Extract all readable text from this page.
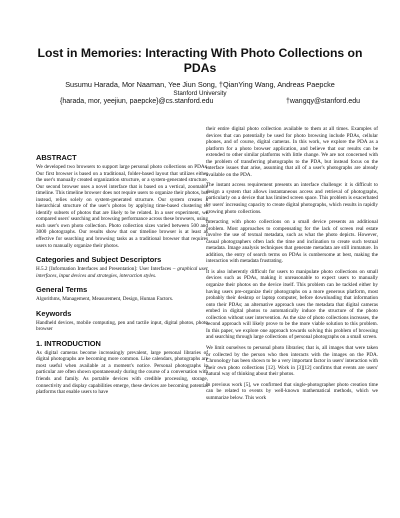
Lost in Memories: Interacting With Photo Collections on
PDAs
Susumu Harada, Mor Naaman, Yee Jiun Song, †QianYing Wang, Andreas Paepcke
Stanford University
{harada, mor, yeejiun, paepcke}@cs.stanford.edu	†wangqy@stanford.edu
ABSTRACT

We developed two browsers to support large personal photo collections on PDAs. Our first browser is based on a traditional, folder-based layout that utilizes either the user's manually created organization structure, or a system-generated structure. Our second browser uses a novel interface that is based on a vertical, zoomable timeline. This timeline browser does not require users to organize their photos, but instead, relies solely on system-generated structure. Our system creates a hierarchical structure of the user's photos by applying time-based clustering to identify subsets of photos that are likely to be related. In a user experiment, we compared users' searching and browsing performance across these browsers, using each user's own photo collection. Photo collection sizes varied between 500 and 3000 photographs. Our results show that our timeline browser is at least as effective for searching and browsing tasks as a traditional browser that requires users to manually organize their photos.

Categories and Subject Descriptors

H.5.2 [Information Interfaces and Presentation]: User Interfaces – graphical user interfaces, input devices and strategies, interaction styles.

General Terms

Algorithms, Management, Measurement, Design, Human Factors.

Keywords

Handheld devices, mobile computing, pen and tactile input, digital photos, photo browser

1. INTRODUCTION

As digital cameras become increasingly prevalent, large personal libraries of digital photographs are becoming more common. Like calendars, photographs are most useful when available at a moment's notice. Personal photographs in particular are often shown spontaneously during the course of a conversation with friends and family. As portable devices with credible processing, storage, connectivity and display capabilities emerge, these devices are becoming potential platforms that enable users to have

their entire digital photo collection available to them at all times. Examples of devices that can potentially be used for photo browsing include PDAs, cellular phones, and of course, digital cameras. In this work, we explore the PDA as a platform for a photo browser application, and believe that our results can be extended to other similar platforms with little change. We are not concerned with the problem of transferring photographs to the PDA, but instead focus on the interface issues that arise, assuming that all of a user's photographs are already available on the PDA.

The instant access requirement presents an interface challenge: it is difficult to design a system that allows instantaneous access and retrieval of photographs, particularly on a device that has limited screen space. This problem is exacerbated by users' increasing capacity to create digital photographs, which results in rapidly growing photo collections.

Interacting with photo collections on a small device presents an additional problem. Most approaches to compensating for the lack of screen real estate involve the use of textual metadata, such as what the photo depicts. However, casual photographers often lack the time and inclination to create such textual metadata. Image analysis techniques that generate metadata are still immature. In addition, the entry of search terms on PDAs is cumbersome at best, making the interaction with metadata frustrating.

It is also inherently difficult for users to manipulate photo collections on small devices such as PDAs, making it unreasonable to expect users to manually organize their photos on the device itself. This problem can be tackled either by having users pre-organize their photographs on a more generous platform, most probably their desktop or laptop computer, before downloading that information onto their PDAs; an alternative approach uses the metadata that digital cameras embed in digital photos to automatically induce the structure of the photo collection without user intervention. As the size of photo collections increases, the second approach will likely prove to be the more viable solution to this problem. In this paper, we explore one approach towards solving this problem of browsing and searching through large collections of personal photographs on a small screen.

We limit ourselves to personal photo libraries; that is, all images that were taken or collected by the person who then interacts with the images on the PDA. Chronology has been shown to be a very important factor in users' interaction with their own photo collections [12]. Work in [3][12] confirms that events are users' natural way of thinking about their photos.

In previous work [5], we confirmed that single-photographer photo creation time can be related to events by well-known mathematical methods, which we summarize below. This work
